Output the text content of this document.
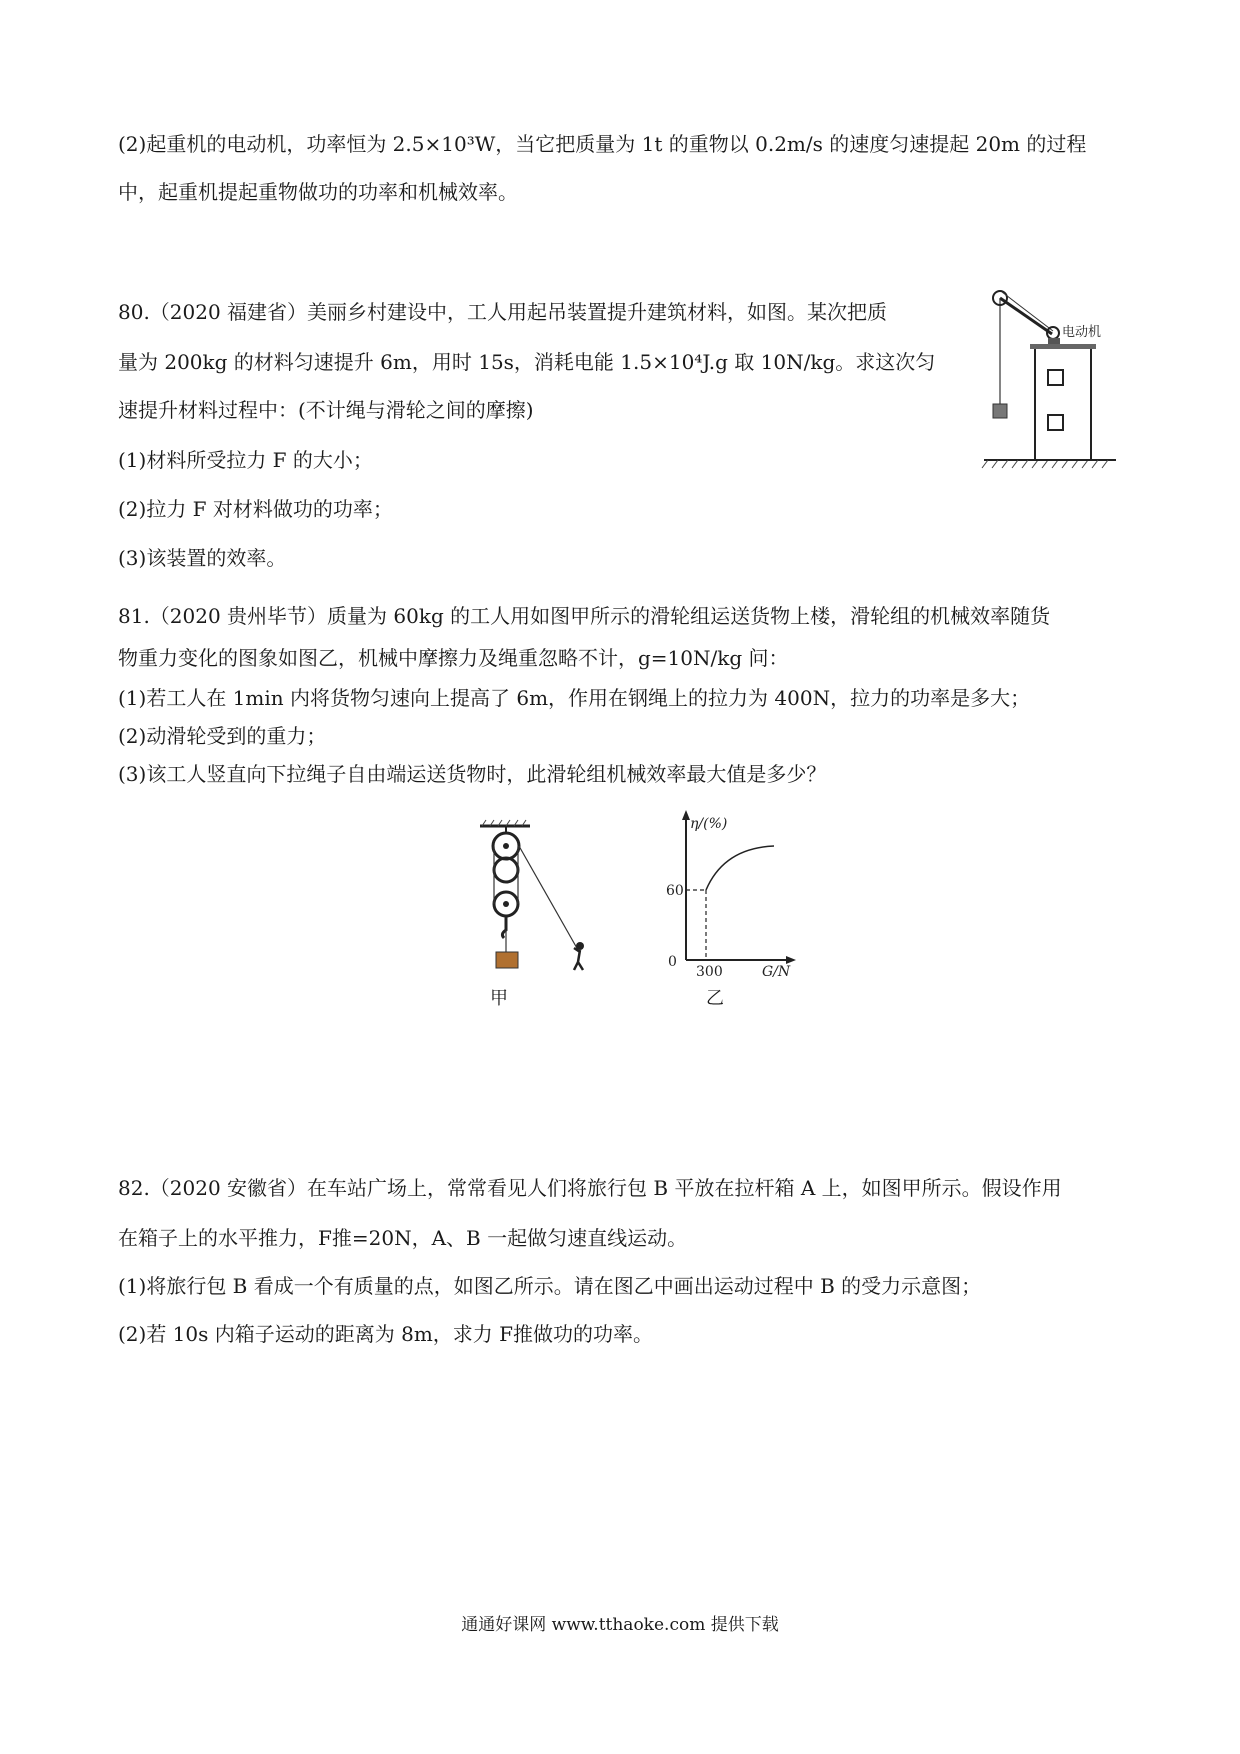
(2)起重机的电动机，功率恒为 2.5×10³W，当它把质量为 1t 的重物以 0.2m/s 的速度匀速提起 20m 的过程
中，起重机提起重物做功的功率和机械效率。
80.（2020 福建省）美丽乡村建设中，工人用起吊装置提升建筑材料，如图。某次把质
量为 200kg 的材料匀速提升 6m，用时 15s，消耗电能 1.5×10⁴J.g 取 10N/kg。求这次匀
速提升材料过程中：(不计绳与滑轮之间的摩擦)
(1)材料所受拉力 F 的大小；
(2)拉力 F 对材料做功的功率；
(3)该装置的效率。
电动机
81.（2020 贵州毕节）质量为 60kg 的工人用如图甲所示的滑轮组运送货物上楼，滑轮组的机械效率随货
物重力变化的图象如图乙，机械中摩擦力及绳重忽略不计，g=10N/kg 问：
(1)若工人在 1min 内将货物匀速向上提高了 6m，作用在钢绳上的拉力为 400N，拉力的功率是多大；
(2)动滑轮受到的重力；
(3)该工人竖直向下拉绳子自由端运送货物时，此滑轮组机械效率最大值是多少？
甲
η/(%)
60
0
300	G/N
乙
82.（2020 安徽省）在车站广场上，常常看见人们将旅行包 B 平放在拉杆箱 A 上，如图甲所示。假设作用
在箱子上的水平推力，F推=20N，A、B 一起做匀速直线运动。
(1)将旅行包 B 看成一个有质量的点，如图乙所示。请在图乙中画出运动过程中 B 的受力示意图；
(2)若 10s 内箱子运动的距离为 8m，求力 F推做功的功率。
通通好课网 www.tthaoke.com 提供下载
